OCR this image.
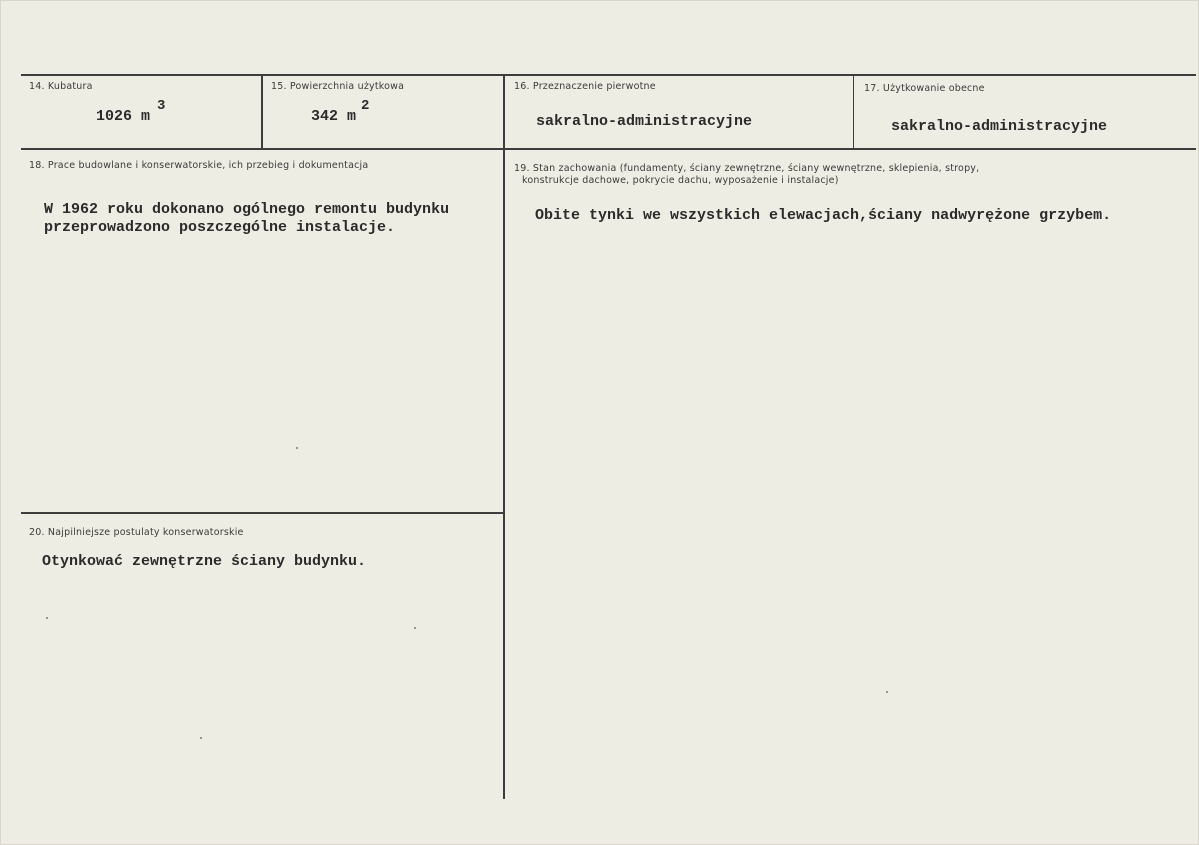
14. Kubatura
1026 m
3
15. Powierzchnia użytkowa
342 m
2
16. Przeznaczenie pierwotne
sakralno-administracyjne
17. Użytkowanie obecne
sakralno-administracyjne
18. Prace budowlane i konserwatorskie, ich przebieg i dokumentacja
W 1962 roku dokonano ogólnego remontu budynku
przeprowadzono poszczególne instalacje.
19. Stan zachowania (fundamenty, ściany zewnętrzne, ściany wewnętrzne, sklepienia, stropy,
konstrukcje dachowe, pokrycie dachu, wyposażenie i instalacje)
Obite tynki we wszystkich elewacjach,ściany nadwyrężone grzybem.
20. Najpilniejsze postulaty konserwatorskie
Otynkować zewnętrzne ściany budynku.
